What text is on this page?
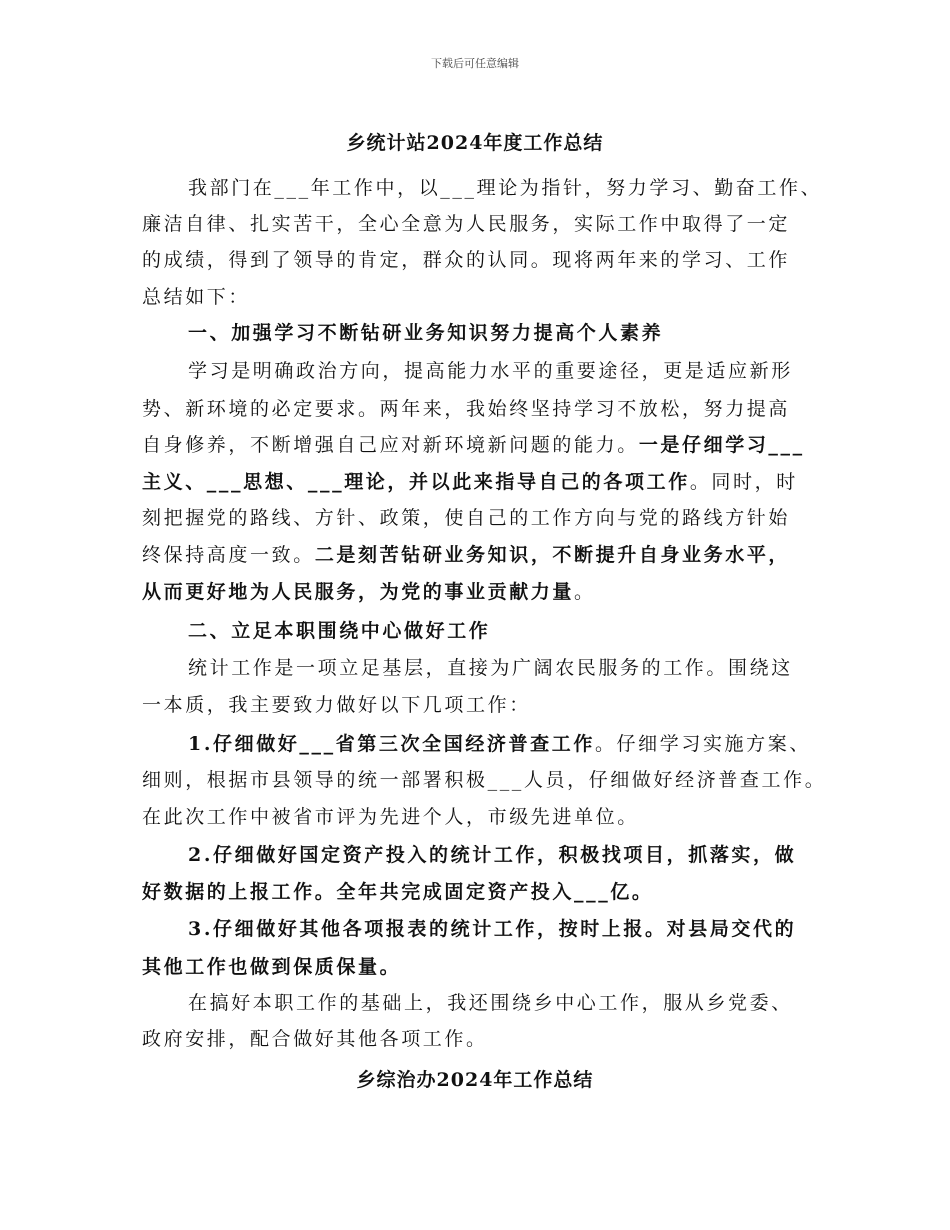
下载后可任意编辑
乡统计站2024年度工作总结
我部门在___年工作中，以___理论为指针，努力学习、勤奋工作、
廉洁自律、扎实苦干，全心全意为人民服务，实际工作中取得了一定
的成绩，得到了领导的肯定，群众的认同。现将两年来的学习、工作
总结如下：
一、加强学习不断钻研业务知识努力提高个人素养
学习是明确政治方向，提高能力水平的重要途径，更是适应新形
势、新环境的必定要求。两年来，我始终坚持学习不放松，努力提高
自身修养，不断增强自己应对新环境新问题的能力。一是仔细学习___
主义、___思想、___理论，并以此来指导自己的各项工作。同时，时
刻把握党的路线、方针、政策，使自己的工作方向与党的路线方针始
终保持高度一致。二是刻苦钻研业务知识，不断提升自身业务水平，
从而更好地为人民服务，为党的事业贡献力量。
二、立足本职围绕中心做好工作
统计工作是一项立足基层，直接为广阔农民服务的工作。围绕这
一本质，我主要致力做好以下几项工作：
1.仔细做好___省第三次全国经济普查工作。仔细学习实施方案、
细则，根据市县领导的统一部署积极___人员，仔细做好经济普查工作。
在此次工作中被省市评为先进个人，市级先进单位。
2.仔细做好国定资产投入的统计工作，积极找项目，抓落实，做
好数据的上报工作。全年共完成固定资产投入___亿。
3.仔细做好其他各项报表的统计工作，按时上报。对县局交代的
其他工作也做到保质保量。
在搞好本职工作的基础上，我还围绕乡中心工作，服从乡党委、
政府安排，配合做好其他各项工作。
乡综治办2024年工作总结
